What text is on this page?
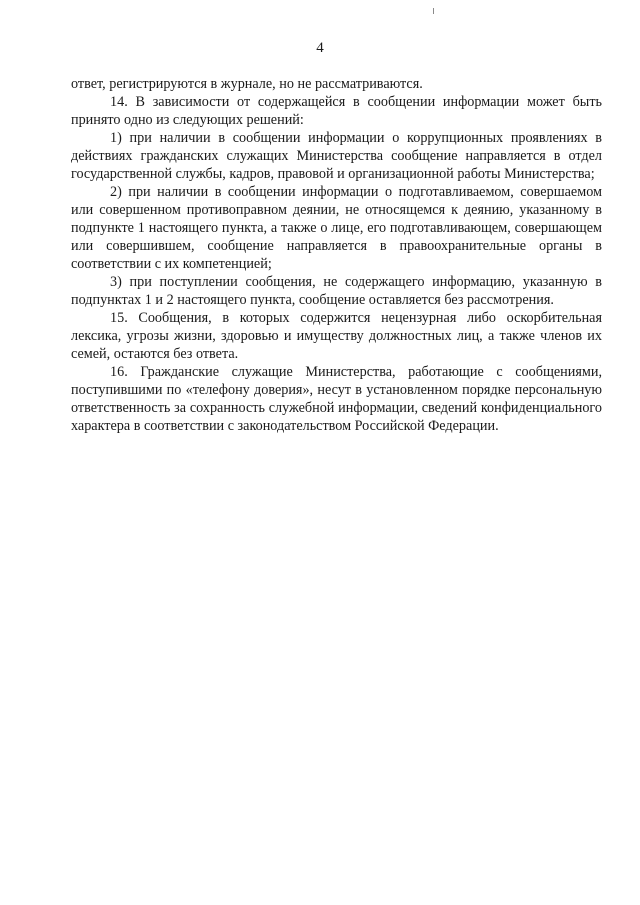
4

ответ, регистрируются в журнале, но не рассматриваются.

14. В зависимости от содержащейся в сообщении информации может быть принято одно из следующих решений:

1) при наличии в сообщении информации о коррупционных проявлениях в действиях гражданских служащих Министерства сообщение направляется в отдел государственной службы, кадров, правовой и организационной работы Министерства;

2) при наличии в сообщении информации о подготавливаемом, совершаемом или совершенном противоправном деянии, не относящемся к деянию, указанному в подпункте 1 настоящего пункта, а также о лице, его подготавливающем, совершающем или совершившем, сообщение направляется в правоохранительные органы в соответствии с их компетенцией;

3) при поступлении сообщения, не содержащего информацию, указанную в подпунктах 1 и 2 настоящего пункта, сообщение оставляется без рассмотрения.

15. Сообщения, в которых содержится нецензурная либо оскорбительная лексика, угрозы жизни, здоровью и имуществу должностных лиц, а также членов их семей, остаются без ответа.

16. Гражданские служащие Министерства, работающие с сообщениями, поступившими по «телефону доверия», несут в установленном порядке персональную ответственность за сохранность служебной информации, сведений конфиденциального характера в соответствии с законодательством Российской Федерации.
